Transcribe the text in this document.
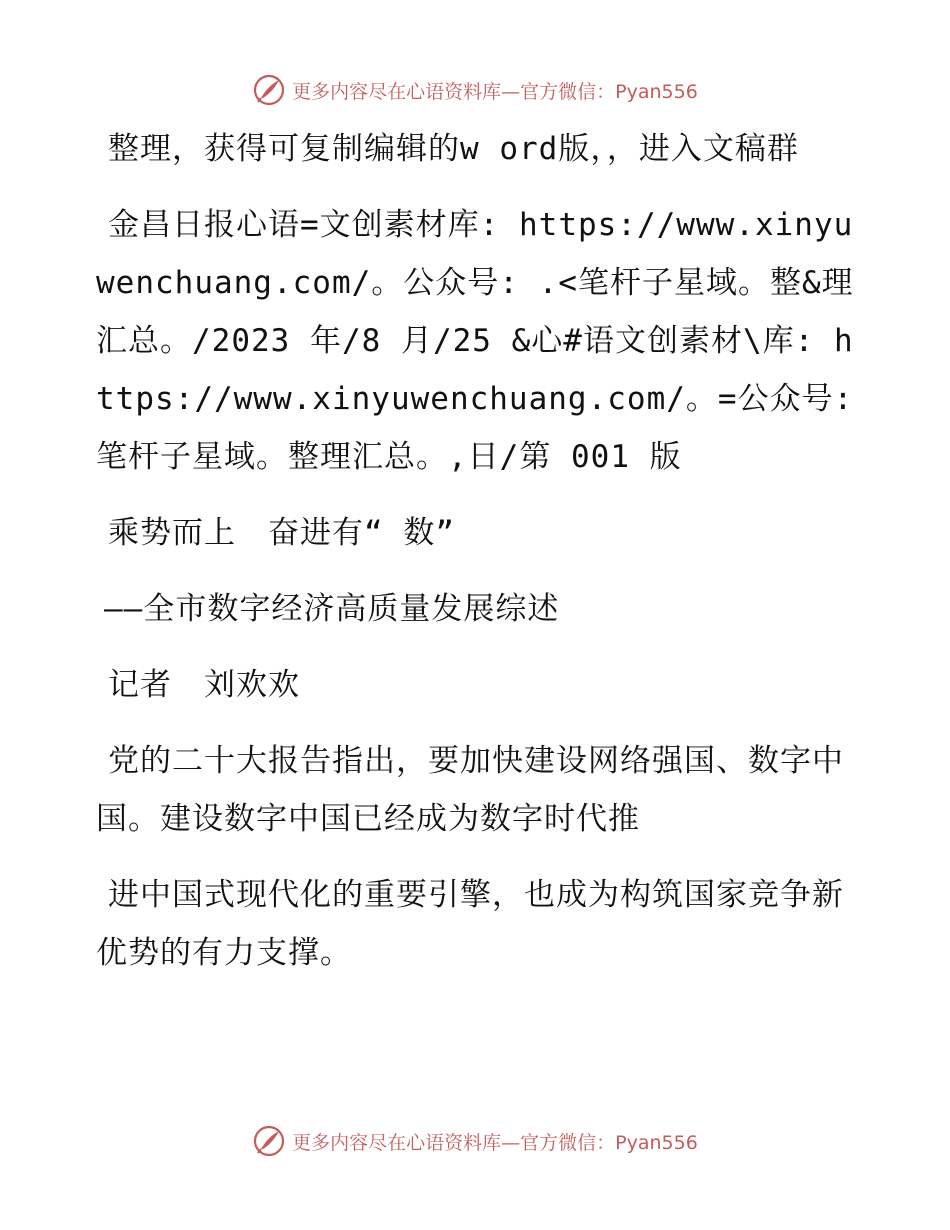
更多内容尽在心语资料库—官方微信：Pyan556

整理，获得可复制编辑的w ord版，，进入文稿群

金昌日报心语=文创素材库: https://www.xinyuwenchuang.com/。公众号: .<笔杆子星域。整&理汇总。/2023 年/8 月/25 &心#语文创素材\库: https://www.xinyuwenchuang.com/。=公众号: 笔杆子星域。整理汇总。,日/第 001 版

乘势而上　奋进有“ 数”

——全市数字经济高质量发展综述

记者　刘欢欢

党的二十大报告指出，要加快建设网络强国、数字中国。建设数字中国已经成为数字时代推

进中国式现代化的重要引擎，也成为构筑国家竞争新优势的有力支撑。

更多内容尽在心语资料库—官方微信：Pyan556
